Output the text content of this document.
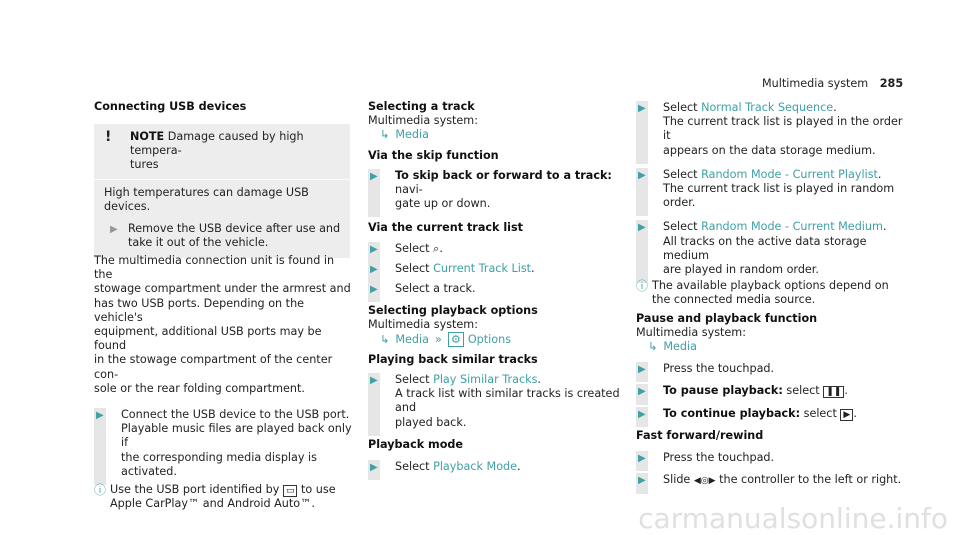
Multimedia system 285
Connecting USB devices
! NOTE Damage caused by high tempera-
tures
High temperatures can damage USB devices.
▶ Remove the USB device after use and
take it out of the vehicle.
The multimedia connection unit is found in the
stowage compartment under the armrest and
has two USB ports. Depending on the vehicle's
equipment, additional USB ports may be found
in the stowage compartment of the center con-
sole or the rear folding compartment.
▶ Connect the USB device to the USB port.
Playable music files are played back only if
the corresponding media display is activated.
ⓘ Use the USB port identified by ▭ to use
Apple CarPlay™ and Android Auto™.
Selecting a track
Multimedia system:
↳ Media
Via the skip function
▶ To skip back or forward to a track: navi-
gate up or down.
Via the current track list
▶ Select ⌕.
▶ Select Current Track List.
▶ Select a track.
Selecting playback options
Multimedia system:
↳ Media » ⚙ Options
Playing back similar tracks
▶ Select Play Similar Tracks.
A track list with similar tracks is created and
played back.
Playback mode
▶ Select Playback Mode.
▶ Select Normal Track Sequence.
The current track list is played in the order it
appears on the data storage medium.
▶ Select Random Mode - Current Playlist.
The current track list is played in random
order.
▶ Select Random Mode - Current Medium.
All tracks on the active data storage medium
are played in random order.
ⓘ The available playback options depend on
the connected media source.
Pause and playback function
Multimedia system:
↳ Media
▶ Press the touchpad.
▶ To pause playback: select ❚❚ .
▶ To continue playback: select ▶ .
Fast forward/rewind
▶ Press the touchpad.
▶ Slide ◀◎▶ the controller to the left or right.
carmanualsonline.info
